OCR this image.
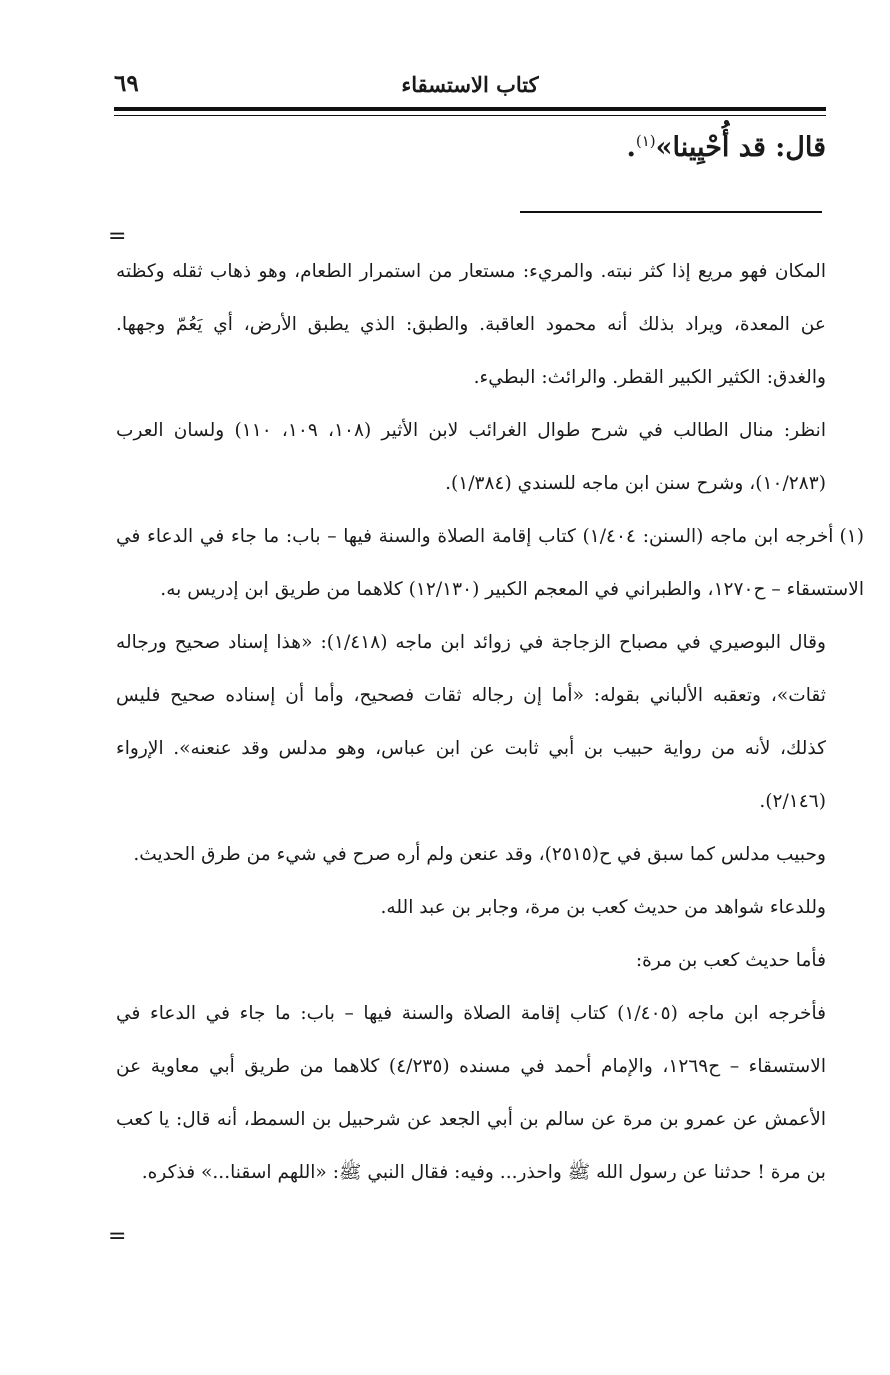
كتاب الاستسقاء
٦٩
قال: قد أُحْيِينا»$^{(١)}$.
=

المكان فهو مريع إذا كثر نبته. والمريء: مستعار من استمرار الطعام، وهو ذهاب ثقله وكظته عن المعدة، ويراد بذلك أنه محمود العاقبة. والطبق: الذي يطبق الأرض، أي يَعُمّ وجهها. والغدق: الكثير الكبير القطر. والرائث: البطيء.

انظر: منال الطالب في شرح طوال الغرائب لابن الأثير (١٠٨، ١٠٩، ١١٠) ولسان العرب (١٠/٢٨٣)، وشرح سنن ابن ماجه للسندي (١/٣٨٤).

(١)أخرجه ابن ماجه (السنن: ١/٤٠٤) كتاب إقامة الصلاة والسنة فيها – باب: ما جاء في الدعاء في الاستسقاء – ح١٢٧٠، والطبراني في المعجم الكبير (١٢/١٣٠) كلاهما من طريق ابن إدريس به.

وقال البوصيري في مصباح الزجاجة في زوائد ابن ماجه (١/٤١٨): «هذا إسناد صحيح ورجاله ثقات»، وتعقبه الألباني بقوله: «أما إن رجاله ثقات فصحيح، وأما أن إسناده صحيح فليس كذلك، لأنه من رواية حبيب بن أبي ثابت عن ابن عباس، وهو مدلس وقد عنعنه». الإرواء (٢/١٤٦).

وحبيب مدلس كما سبق في ح(٢٥١٥)، وقد عنعن ولم أره صرح في شيء من طرق الحديث.

وللدعاء شواهد من حديث كعب بن مرة، وجابر بن عبد الله.

فأما حديث كعب بن مرة:

فأخرجه ابن ماجه (١/٤٠٥) كتاب إقامة الصلاة والسنة فيها – باب: ما جاء في الدعاء في الاستسقاء – ح١٢٦٩، والإمام أحمد في مسنده (٤/٢٣٥) كلاهما من طريق أبي معاوية عن الأعمش عن عمرو بن مرة عن سالم بن أبي الجعد عن شرحبيل بن السمط، أنه قال: يا كعب بن مرة ! حدثنا عن رسول الله ﷺ واحذر... وفيه: فقال النبي ﷺ: «اللهم اسقنا...» فذكره.

=
